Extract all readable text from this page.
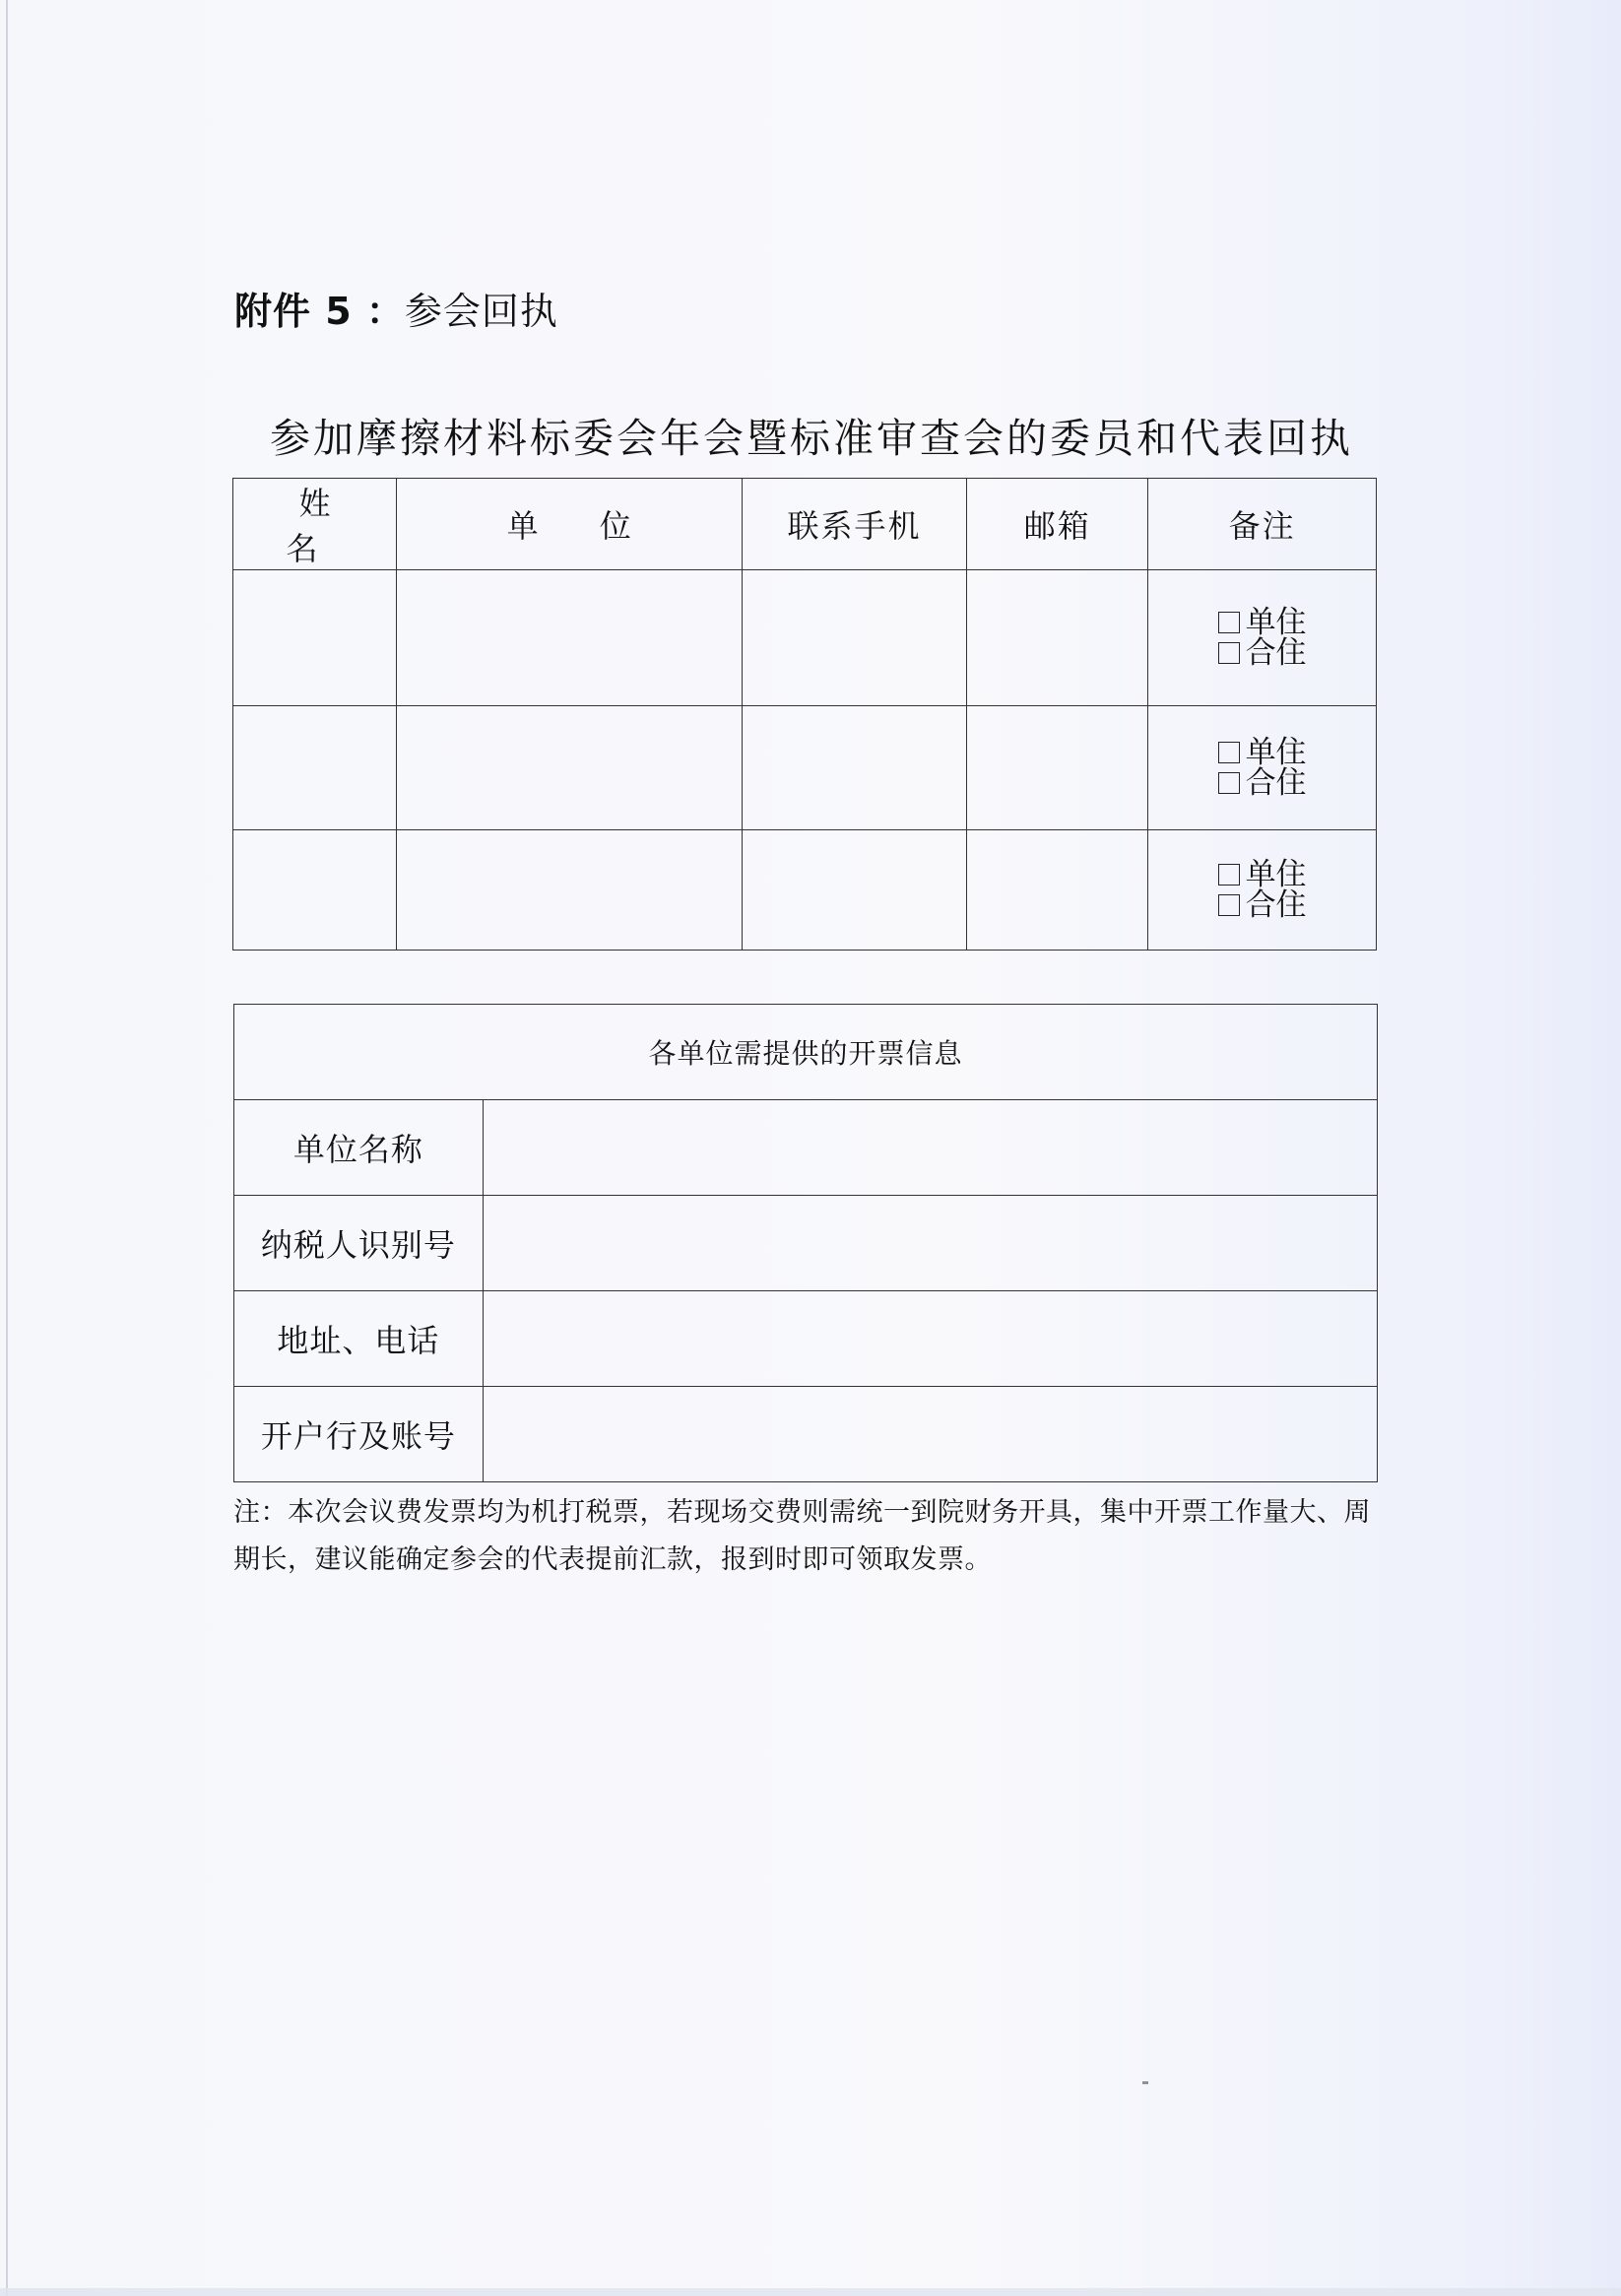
附件 5 ：参会回执
参加摩擦材料标委会年会暨标准审查会的委员和代表回执
姓 名	单 位	联系手机	邮箱	备注

				单住
合住

				单住
合住

				单住
合住
各单位需提供的开票信息	
单位名称	
纳税人识别号	
地址、电话	
开户行及账号	
注：本次会议费发票均为机打税票，若现场交费则需统一到院财务开具，集中开票工作量大、周期长，建议能确定参会的代表提前汇款，报到时即可领取发票。
